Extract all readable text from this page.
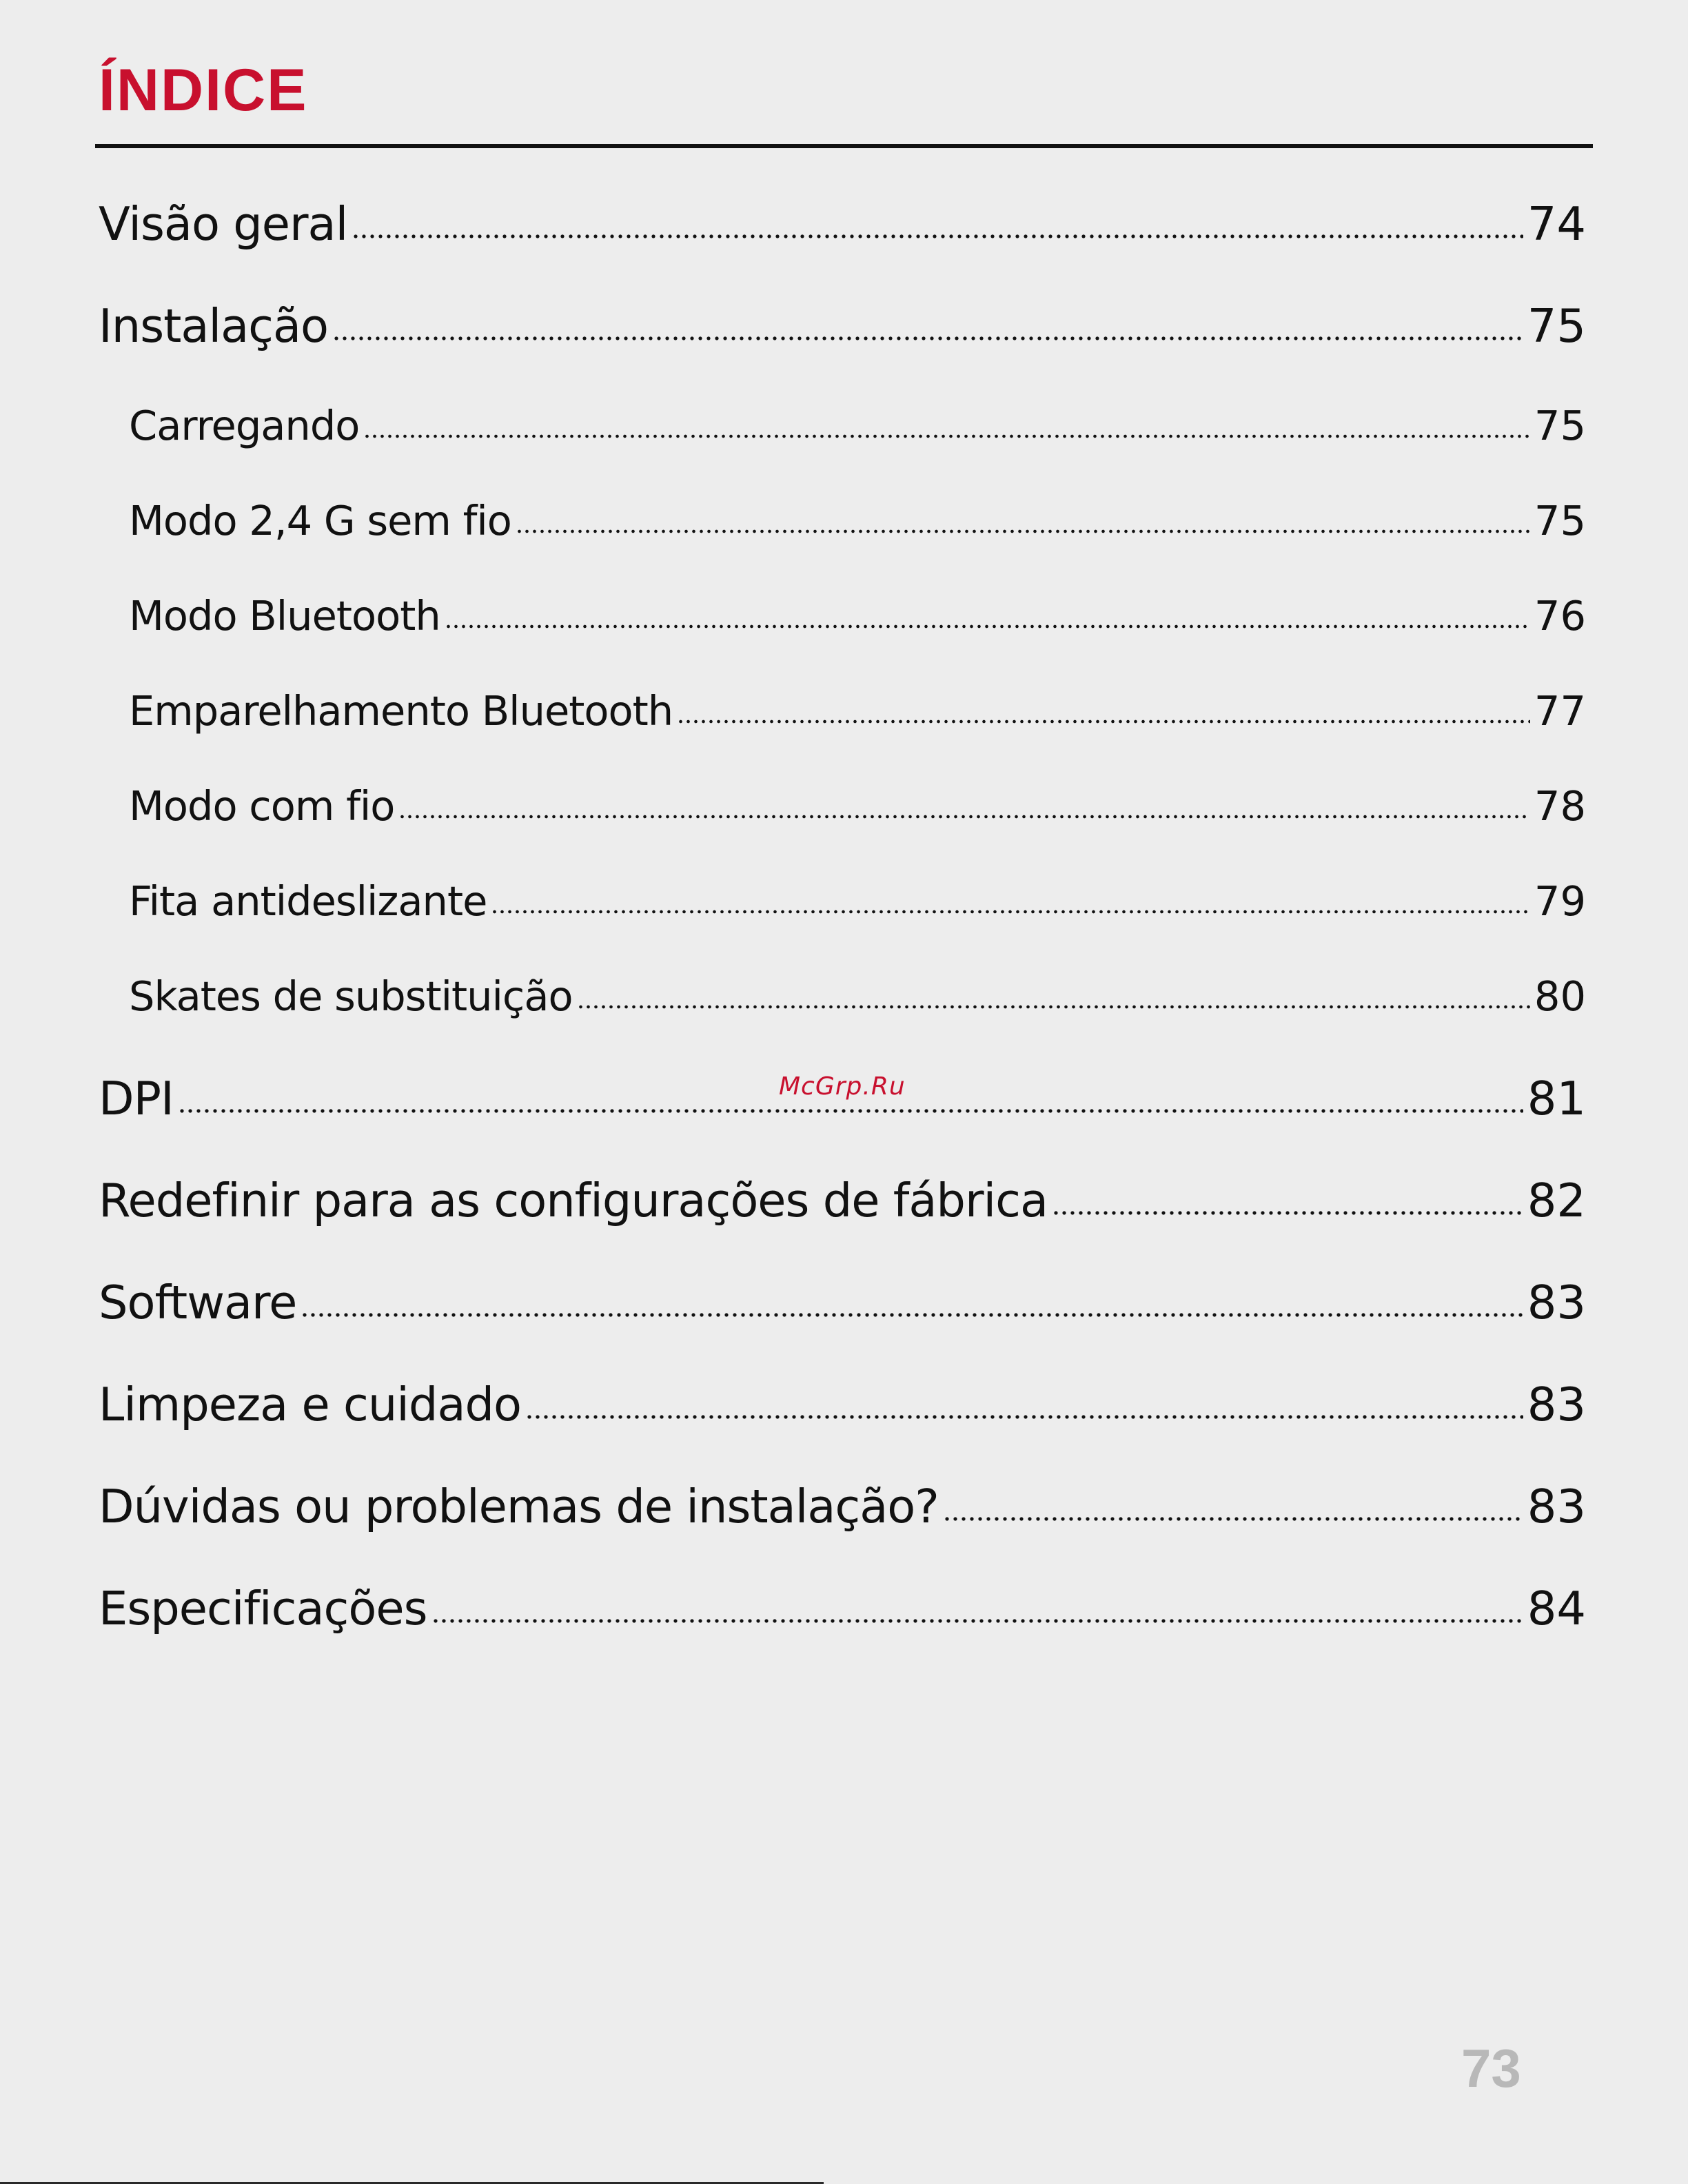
ÍNDICE
Visão geral	74
Instalação	75
Carregando	75
Modo 2,4 G sem fio	75
Modo Bluetooth	76
Emparelhamento Bluetooth	77
Modo com fio	78
Fita antideslizante	79
Skates de substituição	80
DPI	81
Redefinir para as configurações de fábrica	82
Software	83
Limpeza e cuidado	83
Dúvidas ou problemas de instalação?	83
Especificações	84
McGrp.Ru
73
